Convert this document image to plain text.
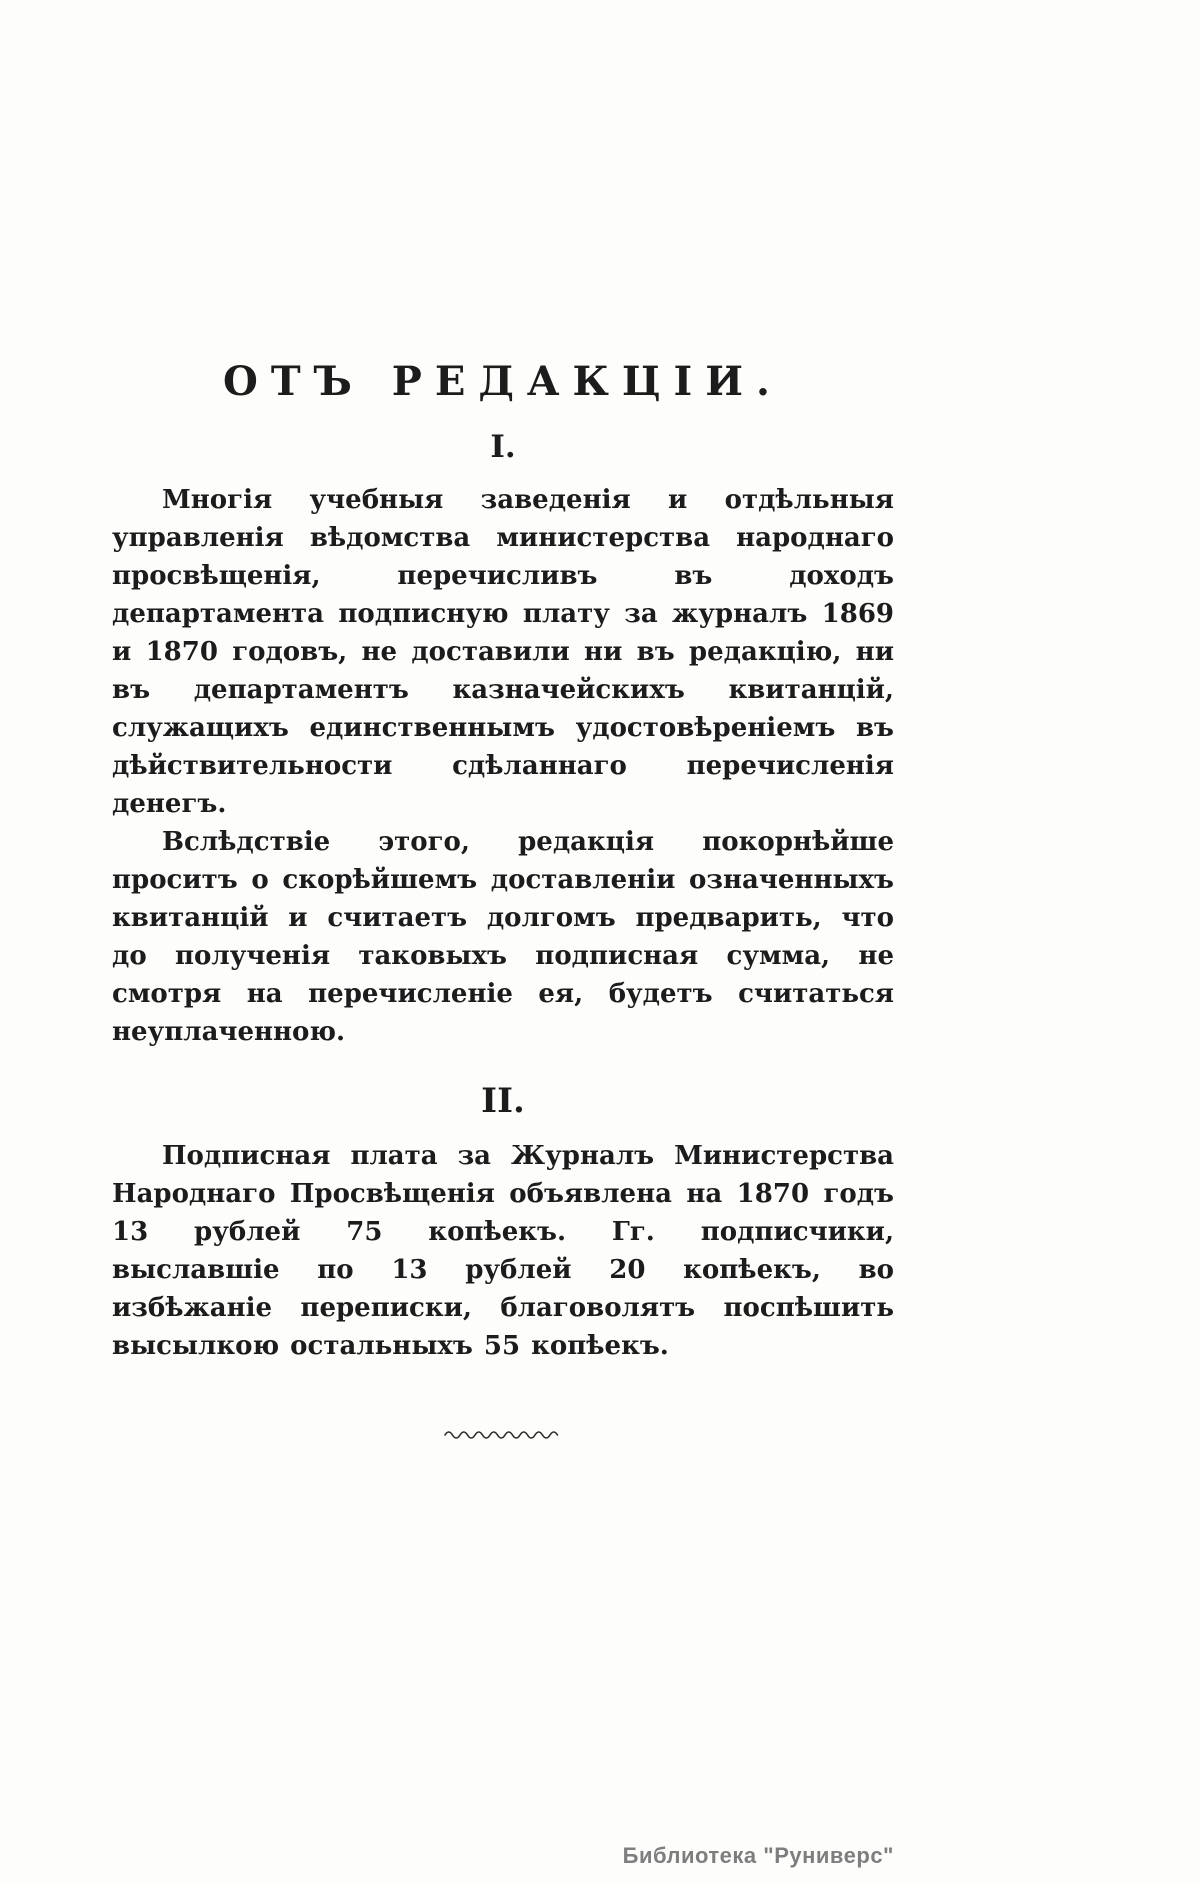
ОТЪ РЕДАКЦІИ.
I.

Многія учебныя заведенія и отдѣльныя управленія вѣдомства министерства народнаго просвѣщенія, перечисливъ въ доходъ департамента подписную плату за журналъ 1869 и 1870 годовъ, не доставили ни въ редакцію, ни въ департаментъ казначейскихъ квитанцій, служащихъ единственнымъ удостовѣреніемъ въ дѣйствительности сдѣланнаго перечисленія денегъ.

Вслѣдствіе этого, редакція покорнѣйше проситъ о скорѣйшемъ доставленіи означенныхъ квитанцій и считаетъ долгомъ предварить, что до полученія таковыхъ подписная сумма, не смотря на перечисленіе ея, будетъ считаться неуплаченною.

II.

Подписная плата за Журналъ Министерства Народнаго Просвѣщенія объявлена на 1870 годъ 13 рублей 75 копѣекъ. Гг. подписчики, выславшіе по 13 рублей 20 копѣекъ, во избѣжаніе переписки, благоволятъ поспѣшить высылкою остальныхъ 55 копѣекъ.

Библиотека "Руниверс"
